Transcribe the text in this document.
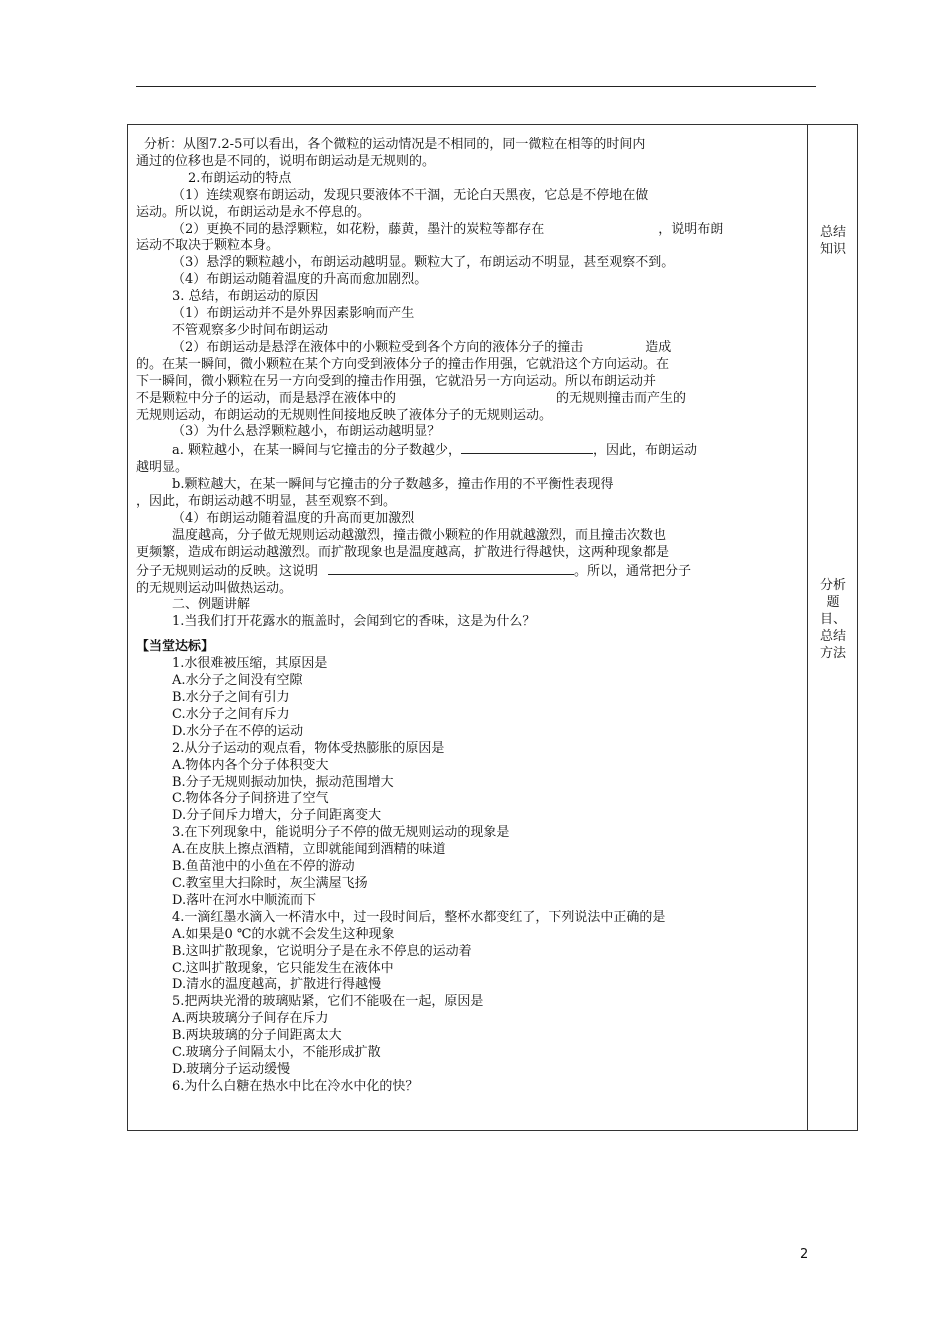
分析：从图7.2-5可以看出，各个微粒的运动情况是不相同的，同一微粒在相等的时间内

通过的位移也是不同的，说明布朗运动是无规则的。

2.布朗运动的特点

（1）连续观察布朗运动，发现只要液体不干涸，无论白天黑夜，它总是不停地在做

运动。所以说，布朗运动是永不停息的。

（2）更换不同的悬浮颗粒，如花粉，藤黄，墨汁的炭粒等都存在	，说明布朗

运动不取决于颗粒本身。

（3）悬浮的颗粒越小，布朗运动越明显。颗粒大了，布朗运动不明显，甚至观察不到。

（4）布朗运动随着温度的升高而愈加剧烈。

3. 总结，布朗运动的原因

（1）布朗运动并不是外界因素影响而产生

不管观察多少时间布朗运动

（2）布朗运动是悬浮在液体中的小颗粒受到各个方向的液体分子的撞击	造成

的。在某一瞬间，微小颗粒在某个方向受到液体分子的撞击作用强，它就沿这个方向运动。在

下一瞬间，微小颗粒在另一方向受到的撞击作用强，它就沿另一方向运动。所以布朗运动并

不是颗粒中分子的运动，而是悬浮在液体中的	的无规则撞击而产生的

无规则运动，布朗运动的无规则性间接地反映了液体分子的无规则运动。

（3）为什么悬浮颗粒越小，布朗运动越明显？

a. 颗粒越小，在某一瞬间与它撞击的分子数越少，	，因此，布朗运动

越明显。

b.颗粒越大，在某一瞬间与它撞击的分子数越多，撞击作用的不平衡性表现得

，因此，布朗运动越不明显，甚至观察不到。

（4）布朗运动随着温度的升高而更加激烈

温度越高，分子做无规则运动越激烈，撞击微小颗粒的作用就越激烈，而且撞击次数也

更频繁，造成布朗运动越激烈。而扩散现象也是温度越高，扩散进行得越快，这两种现象都是

分子无规则运动的反映。这说明	。所以，通常把分子

的无规则运动叫做热运动。

二、例题讲解

1.当我们打开花露水的瓶盖时，会闻到它的香味，这是为什么？

【当堂达标】

1.水很难被压缩，其原因是

A.水分子之间没有空隙

B.水分子之间有引力

C.水分子之间有斥力

D.水分子在不停的运动

2.从分子运动的观点看，物体受热膨胀的原因是

A.物体内各个分子体积变大

B.分子无规则振动加快，振动范围增大

C.物体各分子间挤进了空气

D.分子间斥力增大，分子间距离变大

3.在下列现象中，能说明分子不停的做无规则运动的现象是

A.在皮肤上擦点酒精，立即就能闻到酒精的味道

B.鱼苗池中的小鱼在不停的游动

C.教室里大扫除时，灰尘满屋飞扬

D.落叶在河水中顺流而下

4.一滴红墨水滴入一杯清水中，过一段时间后，整杯水都变红了，下列说法中正确的是

A.如果是0 ℃的水就不会发生这种现象

B.这叫扩散现象，它说明分子是在永不停息的运动着

C.这叫扩散现象，它只能发生在液体中

D.清水的温度越高，扩散进行得越慢

5.把两块光滑的玻璃贴紧，它们不能吸在一起，原因是

A.两块玻璃分子间存在斥力

B.两块玻璃的分子间距离太大

C.玻璃分子间隔太小，不能形成扩散

D.玻璃分子运动缓慢

6.为什么白糖在热水中比在冷水中化的快？

总结
知识
分析
题
目、
总结
方法
2
